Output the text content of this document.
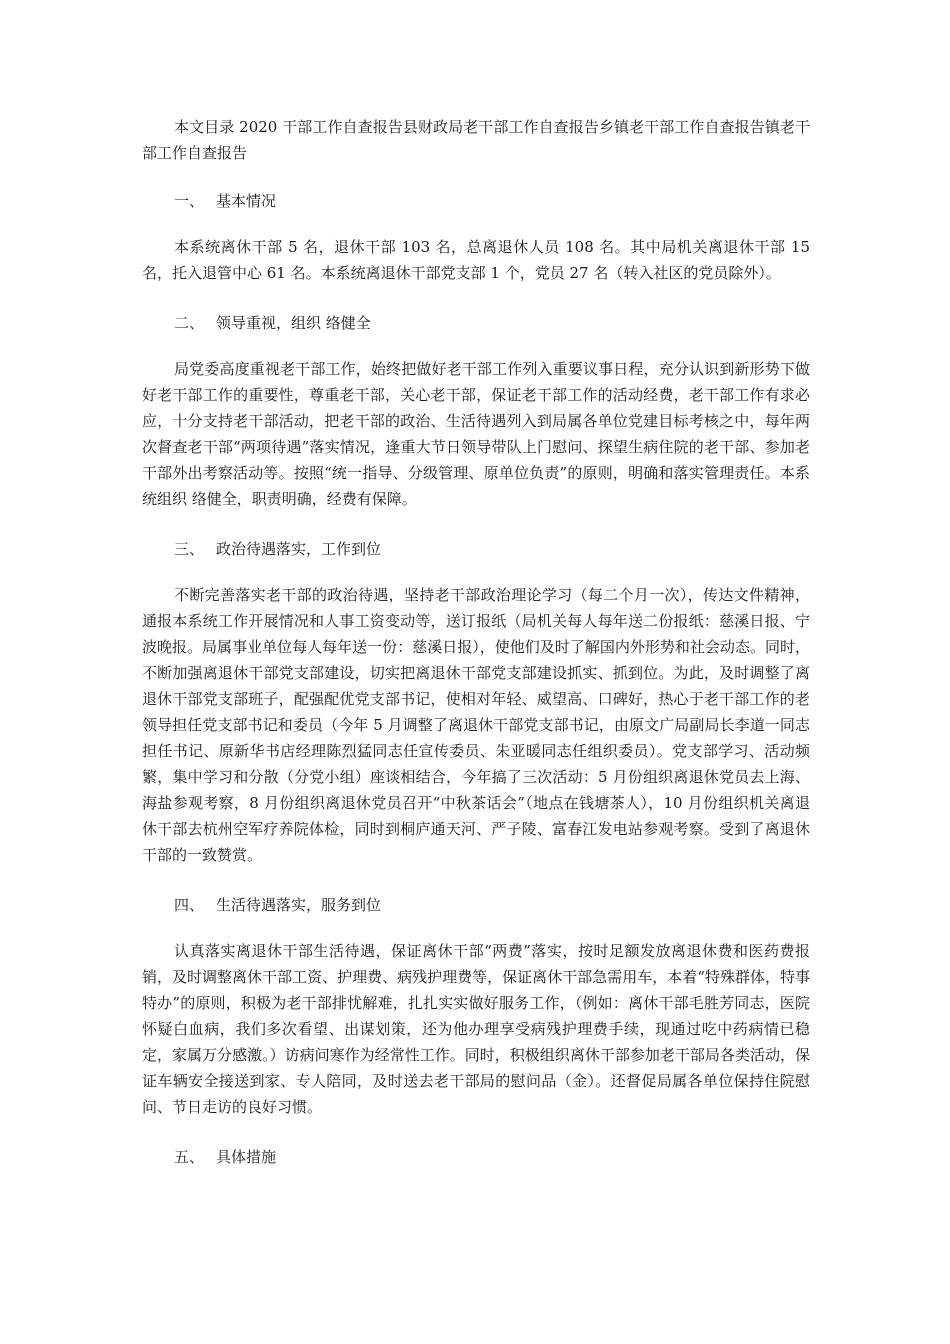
本文目录 2020 干部工作自查报告县财政局老干部工作自查报告乡镇老干部工作自查报告镇老干部工作自查报告

一、 基本情况

本系统离休干部 5 名，退休干部 103 名，总离退休人员 108 名。其中局机关离退休干部 15 名，托入退管中心 61 名。本系统离退休干部党支部 1 个，党员 27 名（转入社区的党员除外）。

二、 领导重视，组织 络健全

局党委高度重视老干部工作，始终把做好老干部工作列入重要议事日程，充分认识到新形势下做好老干部工作的重要性，尊重老干部，关心老干部，保证老干部工作的活动经费，老干部工作有求必应，十分支持老干部活动，把老干部的政治、生活待遇列入到局属各单位党建目标考核之中，每年两次督查老干部“两项待遇”落实情况，逢重大节日领导带队上门慰问、探望生病住院的老干部、参加老干部外出考察活动等。按照“统一指导、分级管理、原单位负责”的原则，明确和落实管理责任。本系统组织 络健全，职责明确，经费有保障。

三、 政治待遇落实，工作到位

不断完善落实老干部的政治待遇，坚持老干部政治理论学习（每二个月一次），传达文件精神，通报本系统工作开展情况和人事工资变动等，送订报纸（局机关每人每年送二份报纸：慈溪日报、宁波晚报。局属事业单位每人每年送一份：慈溪日报），使他们及时了解国内外形势和社会动态。同时，不断加强离退休干部党支部建设，切实把离退休干部党支部建设抓实、抓到位。为此，及时调整了离退休干部党支部班子，配强配优党支部书记，使相对年轻、威望高、口碑好，热心于老干部工作的老领导担任党支部书记和委员（今年 5 月调整了离退休干部党支部书记，由原文广局副局长李道一同志担任书记、原新华书店经理陈烈猛同志任宣传委员、朱亚暖同志任组织委员）。党支部学习、活动频繁，集中学习和分散（分党小组）座谈相结合，今年搞了三次活动：5 月份组织离退休党员去上海、海盐参观考察，8 月份组织离退休党员召开“中秋茶话会”（地点在钱塘茶人），10 月份组织机关离退休干部去杭州空军疗养院体检，同时到桐庐通天河、严子陵、富春江发电站参观考察。受到了离退休干部的一致赞赏。

四、 生活待遇落实，服务到位

认真落实离退休干部生活待遇，保证离休干部“两费”落实，按时足额发放离退休费和医药费报销，及时调整离休干部工资、护理费、病残护理费等，保证离休干部急需用车，本着“特殊群体，特事特办”的原则，积极为老干部排忧解难，扎扎实实做好服务工作，（例如：离休干部毛胜芳同志，医院怀疑白血病，我们多次看望、出谋划策，还为他办理享受病残护理费手续，现通过吃中药病情已稳定，家属万分感激。）访病问寒作为经常性工作。同时，积极组织离休干部参加老干部局各类活动，保证车辆安全接送到家、专人陪同，及时送去老干部局的慰问品（金）。还督促局属各单位保持住院慰问、节日走访的良好习惯。

五、 具体措施
